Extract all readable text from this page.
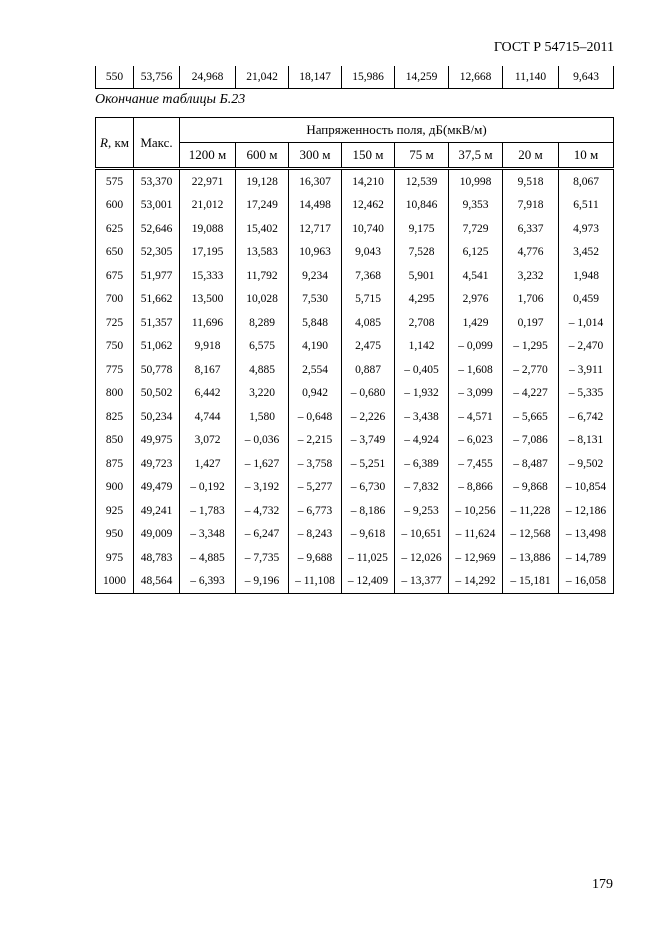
ГОСТ Р 54715–2011
550	53,756	24,968	21,042	18,147	15,986	14,259	12,668	11,140	9,643
Окончание таблицы Б.23
R, км	Макс.	Напряженность поля, дБ(мкВ/м)							
		1200 м	600 м	300 м	150 м	75 м	37,5 м	20 м	10 м
575	53,370	22,971	19,128	16,307	14,210	12,539	10,998	9,518	8,067
600	53,001	21,012	17,249	14,498	12,462	10,846	9,353	7,918	6,511
625	52,646	19,088	15,402	12,717	10,740	9,175	7,729	6,337	4,973
650	52,305	17,195	13,583	10,963	9,043	7,528	6,125	4,776	3,452
675	51,977	15,333	11,792	9,234	7,368	5,901	4,541	3,232	1,948
700	51,662	13,500	10,028	7,530	5,715	4,295	2,976	1,706	0,459
725	51,357	11,696	8,289	5,848	4,085	2,708	1,429	0,197	– 1,014
750	51,062	9,918	6,575	4,190	2,475	1,142	– 0,099	– 1,295	– 2,470
775	50,778	8,167	4,885	2,554	0,887	– 0,405	– 1,608	– 2,770	– 3,911
800	50,502	6,442	3,220	0,942	– 0,680	– 1,932	– 3,099	– 4,227	– 5,335
825	50,234	4,744	1,580	– 0,648	– 2,226	– 3,438	– 4,571	– 5,665	– 6,742
850	49,975	3,072	– 0,036	– 2,215	– 3,749	– 4,924	– 6,023	– 7,086	– 8,131
875	49,723	1,427	– 1,627	– 3,758	– 5,251	– 6,389	– 7,455	– 8,487	– 9,502
900	49,479	– 0,192	– 3,192	– 5,277	– 6,730	– 7,832	– 8,866	– 9,868	– 10,854
925	49,241	– 1,783	– 4,732	– 6,773	– 8,186	– 9,253	– 10,256	– 11,228	– 12,186
950	49,009	– 3,348	– 6,247	– 8,243	– 9,618	– 10,651	– 11,624	– 12,568	– 13,498
975	48,783	– 4,885	– 7,735	– 9,688	– 11,025	– 12,026	– 12,969	– 13,886	– 14,789
1000	48,564	– 6,393	– 9,196	– 11,108	– 12,409	– 13,377	– 14,292	– 15,181	– 16,058
179
